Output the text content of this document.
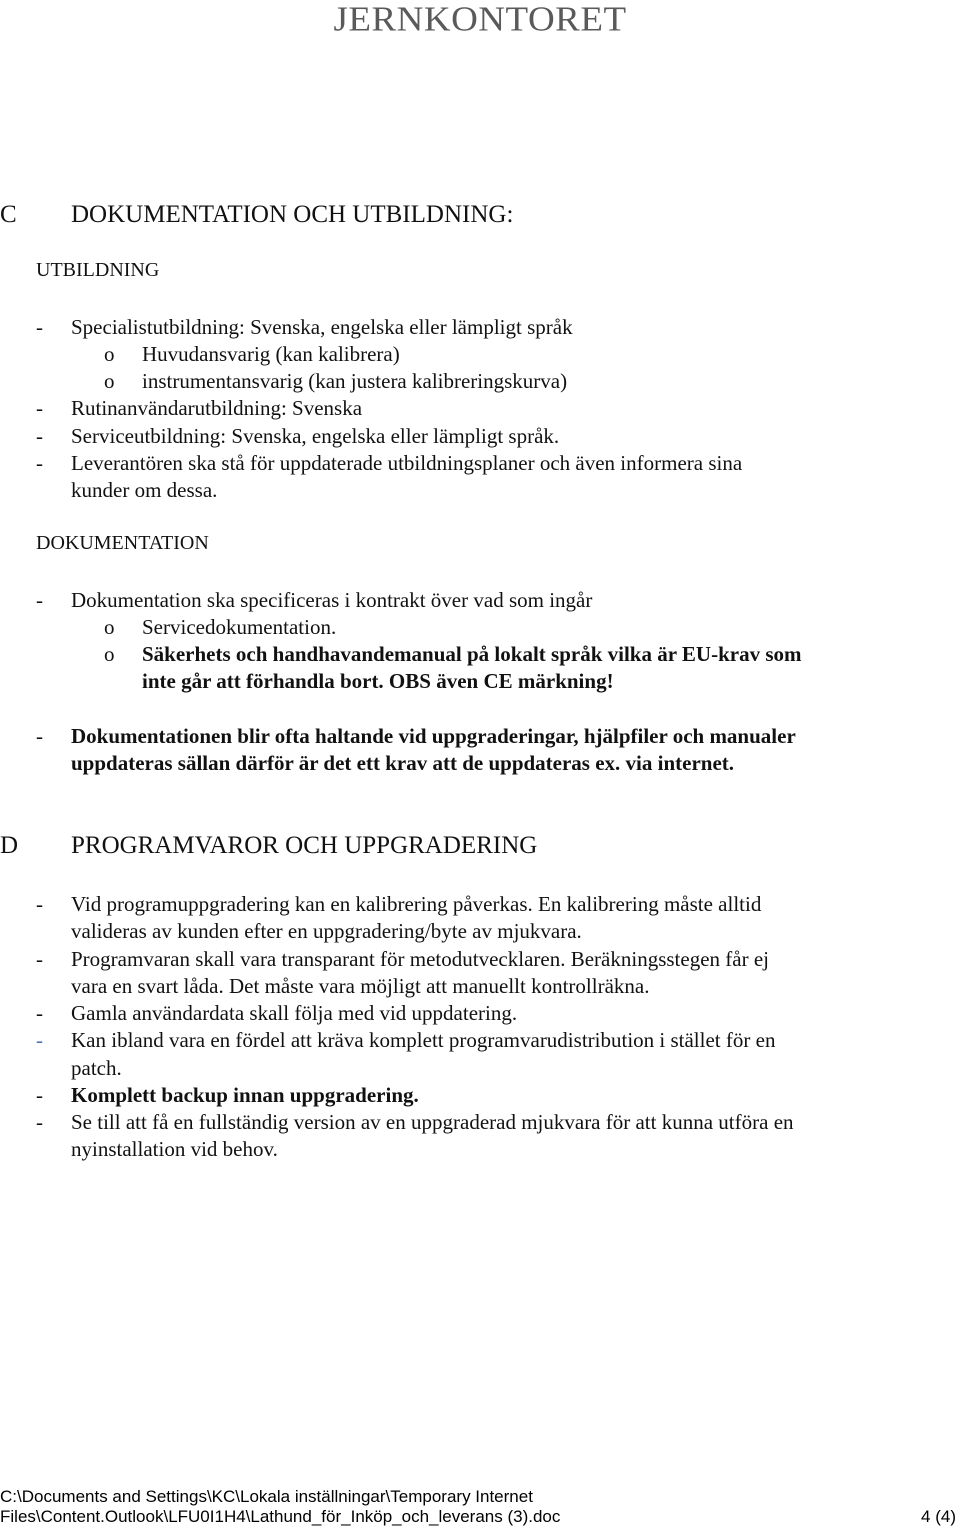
JERNKONTORET
C DOKUMENTATION OCH UTBILDNING:
UTBILDNING
- Specialistutbildning: Svenska, engelska eller lämpligt språk
o Huvudansvarig (kan kalibrera)
o instrumentansvarig (kan justera kalibreringskurva)
- Rutinanvändarutbildning: Svenska
- Serviceutbildning: Svenska, engelska eller lämpligt språk.
- Leverantören ska stå för uppdaterade utbildningsplaner och även informera sina
kunder om dessa.
DOKUMENTATION
- Dokumentation ska specificeras i kontrakt över vad som ingår
o Servicedokumentation.
o Säkerhets och handhavandemanual på lokalt språk vilka är EU-krav som
inte går att förhandla bort. OBS även CE märkning!
- Dokumentationen blir ofta haltande vid uppgraderingar, hjälpfiler och manualer
uppdateras sällan därför är det ett krav att de uppdateras ex. via internet.
D PROGRAMVAROR OCH UPPGRADERING
- Vid programuppgradering kan en kalibrering påverkas. En kalibrering måste alltid
valideras av kunden efter en uppgradering/byte av mjukvara.
- Programvaran skall vara transparant för metodutvecklaren. Beräkningsstegen får ej
vara en svart låda. Det måste vara möjligt att manuellt kontrollräkna.
- Gamla användardata skall följa med vid uppdatering.
- Kan ibland vara en fördel att kräva komplett programvarudistribution i stället för en
patch.
- Komplett backup innan uppgradering.
- Se till att få en fullständig version av en uppgraderad mjukvara för att kunna utföra en
nyinstallation vid behov.
C:\Documents and Settings\KC\Lokala inställningar\Temporary Internet
Files\Content.Outlook\LFU0I1H4\Lathund_för_Inköp_och_leverans (3).doc	4 (4)
